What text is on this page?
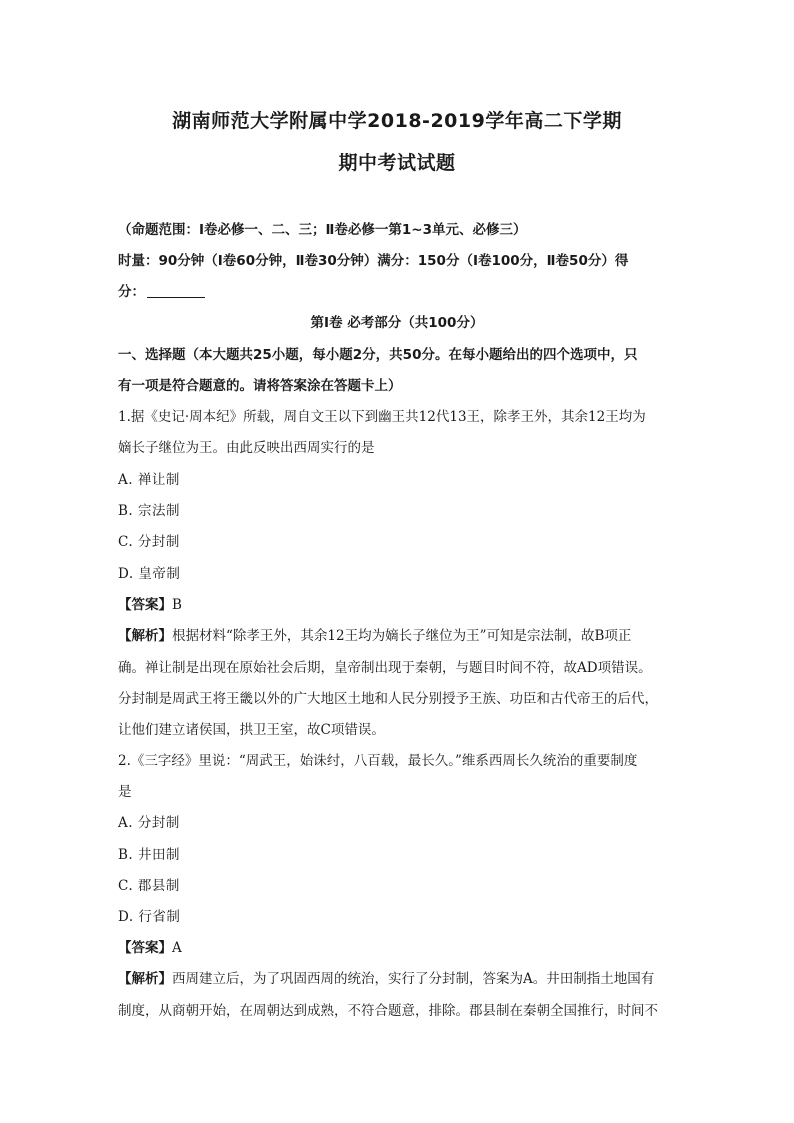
湖南师范大学附属中学2018-2019学年高二下学期
期中考试试题
（命题范围：Ⅰ卷必修一、二、三；Ⅱ卷必修一第1~3单元、必修三）
时量：90分钟（Ⅰ卷60分钟，Ⅱ卷30分钟）满分：150分（Ⅰ卷100分，Ⅱ卷50分）得
分：
第Ⅰ卷 必考部分（共100分）
一、选择题（本大题共25小题，每小题2分，共50分。在每小题给出的四个选项中，只
有一项是符合题意的。请将答案涂在答题卡上）
1.据《史记·周本纪》所载，周自文王以下到幽王共12代13王，除孝王外，其余12王均为
嫡长子继位为王。由此反映出西周实行的是
A. 禅让制
B. 宗法制
C. 分封制
D. 皇帝制
【答案】B
【解析】根据材料“除孝王外，其余12王均为嫡长子继位为王”可知是宗法制，故B项正
确。禅让制是出现在原始社会后期，皇帝制出现于秦朝，与题目时间不符，故AD项错误。
分封制是周武王将王畿以外的广大地区土地和人民分别授予王族、功臣和古代帝王的后代，
让他们建立诸侯国，拱卫王室，故C项错误。
2.《三字经》里说：“周武王，始诛纣，八百载，最长久。”维系西周长久统治的重要制度
是
A. 分封制
B. 井田制
C. 郡县制
D. 行省制
【答案】A
【解析】西周建立后，为了巩固西周的统治，实行了分封制，答案为A。井田制指土地国有
制度，从商朝开始，在周朝达到成熟，不符合题意，排除。郡县制在秦朝全国推行，时间不
